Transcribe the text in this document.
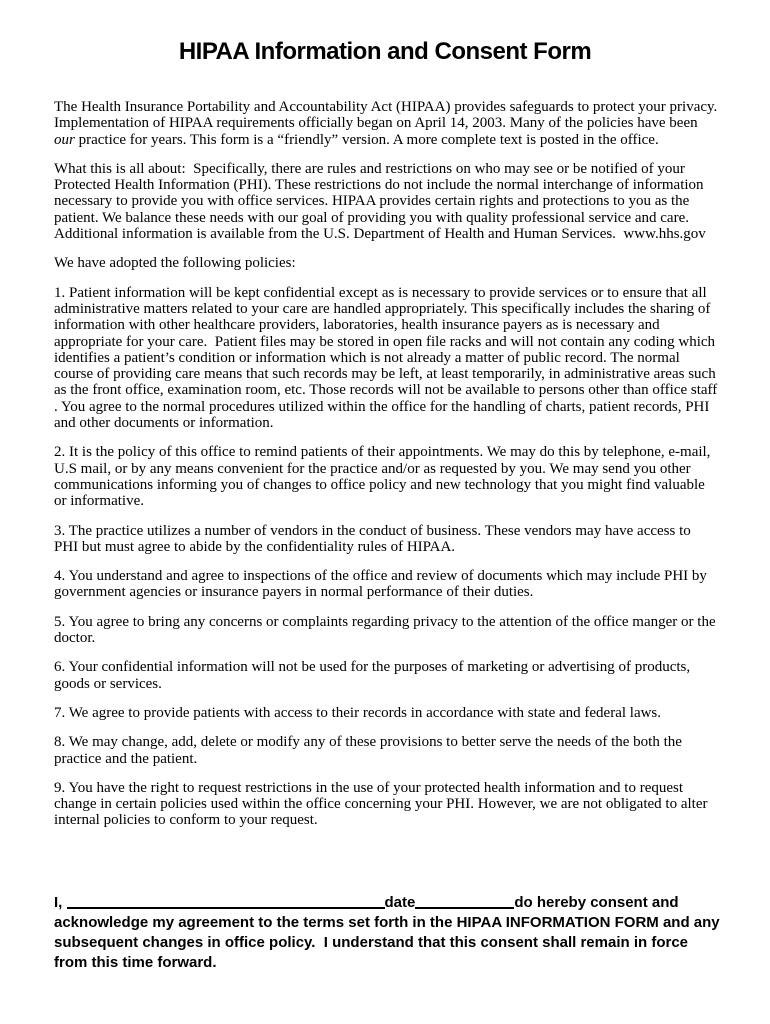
HIPAA Information and Consent Form

The Health Insurance Portability and Accountability Act (HIPAA) provides safeguards to protect your privacy. Implementation of HIPAA requirements officially began on April 14, 2003. Many of the policies have been our practice for years. This form is a “friendly” version. A more complete text is posted in the office.

What this is all about:  Specifically, there are rules and restrictions on who may see or be notified of your Protected Health Information (PHI). These restrictions do not include the normal interchange of information necessary to provide you with office services. HIPAA provides certain rights and protections to you as the patient. We balance these needs with our goal of providing you with quality professional service and care. Additional information is available from the U.S. Department of Health and Human Services.  www.hhs.gov

We have adopted the following policies:

1. Patient information will be kept confidential except as is necessary to provide services or to ensure that all administrative matters related to your care are handled appropriately. This specifically includes the sharing of information with other healthcare providers, laboratories, health insurance payers as is necessary and appropriate for your care.  Patient files may be stored in open file racks and will not contain any coding which identifies a patient’s condition or information which is not already a matter of public record. The normal course of providing care means that such records may be left, at least temporarily, in administrative areas such as the front office, examination room, etc. Those records will not be available to persons other than office staff . You agree to the normal procedures utilized within the office for the handling of charts, patient records, PHI and other documents or information.

2. It is the policy of this office to remind patients of their appointments. We may do this by telephone, e-mail, U.S mail, or by any means convenient for the practice and/or as requested by you. We may send you other communications informing you of changes to office policy and new technology that you might find valuable or informative.

3. The practice utilizes a number of vendors in the conduct of business. These vendors may have access to PHI but must agree to abide by the confidentiality rules of HIPAA.

4. You understand and agree to inspections of the office and review of documents which may include PHI by government agencies or insurance payers in normal performance of their duties.

5. You agree to bring any concerns or complaints regarding privacy to the attention of the office manger or the doctor.

6. Your confidential information will not be used for the purposes of marketing or advertising of products, goods or services.

7. We agree to provide patients with access to their records in accordance with state and federal laws.

8. We may change, add, delete or modify any of these provisions to better serve the needs of the both the practice and the patient.

9. You have the right to request restrictions in the use of your protected health information and to request change in certain policies used within the office concerning your PHI. However, we are not obligated to alter internal policies to conform to your request.

I,	date	do hereby consent and
acknowledge my agreement to the terms set forth in the HIPAA INFORMATION FORM and any
subsequent changes in office policy.  I understand that this consent shall remain in force
from this time forward.
